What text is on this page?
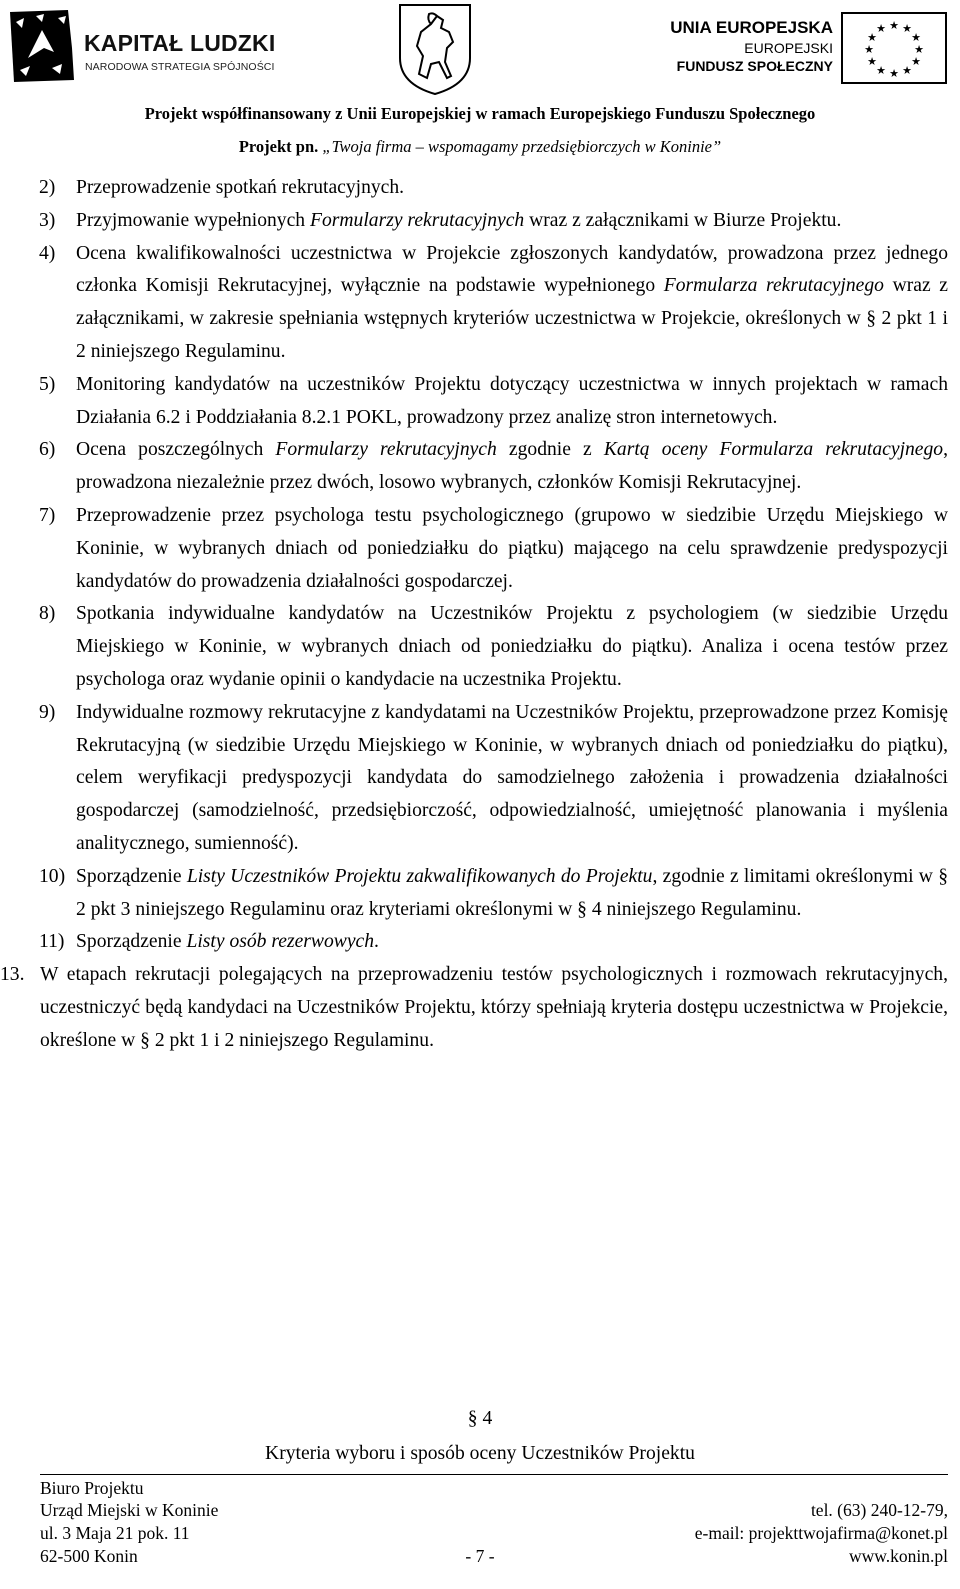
KAPITAŁ LUDZKI
NARODOWA STRATEGIA SPÓJNOŚCI
UNIA EUROPEJSKA
EUROPEJSKI
FUNDUSZ SPOŁECZNY
★ ★
★
★
★
★
★
★
★
★
★
★
Projekt współfinansowany z Unii Europejskiej w ramach Europejskiego Funduszu Społecznego
Projekt pn. „Twoja firma – wspomagamy przedsiębiorczych w Koninie”
2) Przeprowadzenie spotkań rekrutacyjnych.
3) Przyjmowanie wypełnionych Formularzy rekrutacyjnych wraz z załącznikami w Biurze Projektu.
4) Ocena kwalifikowalności uczestnictwa w Projekcie zgłoszonych kandydatów, prowadzona przez jednego członka Komisji Rekrutacyjnej, wyłącznie na podstawie wypełnionego Formularza rekrutacyjnego wraz z załącznikami, w zakresie spełniania wstępnych kryteriów uczestnictwa w Projekcie, określonych w § 2 pkt 1 i 2 niniejszego Regulaminu.
5) Monitoring kandydatów na uczestników Projektu dotyczący uczestnictwa w innych projektach w ramach Działania 6.2 i Poddziałania 8.2.1 POKL, prowadzony przez analizę stron internetowych.
6) Ocena poszczególnych Formularzy rekrutacyjnych zgodnie z Kartą oceny Formularza rekrutacyjnego, prowadzona niezależnie przez dwóch, losowo wybranych, członków Komisji Rekrutacyjnej.
7) Przeprowadzenie przez psychologa testu psychologicznego (grupowo w siedzibie Urzędu Miejskiego w Koninie, w wybranych dniach od poniedziałku do piątku) mającego na celu sprawdzenie predyspozycji kandydatów do prowadzenia działalności gospodarczej.
8) Spotkania indywidualne kandydatów na Uczestników Projektu z psychologiem (w siedzibie Urzędu Miejskiego w Koninie, w wybranych dniach od poniedziałku do piątku). Analiza i ocena testów przez psychologa oraz wydanie opinii o kandydacie na uczestnika Projektu.
9) Indywidualne rozmowy rekrutacyjne z kandydatami na Uczestników Projektu, przeprowadzone przez Komisję Rekrutacyjną (w siedzibie Urzędu Miejskiego w Koninie, w wybranych dniach od poniedziałku do piątku), celem weryfikacji predyspozycji kandydata do samodzielnego założenia i prowadzenia działalności gospodarczej (samodzielność, przedsiębiorczość, odpowiedzialność, umiejętność planowania i myślenia analitycznego, sumienność).
10) Sporządzenie Listy Uczestników Projektu zakwalifikowanych do Projektu, zgodnie z limitami określonymi w § 2 pkt 3 niniejszego Regulaminu oraz kryteriami określonymi w § 4 niniejszego Regulaminu.
11) Sporządzenie Listy osób rezerwowych.
13. W etapach rekrutacji polegających na przeprowadzeniu testów psychologicznych i rozmowach rekrutacyjnych, uczestniczyć będą kandydaci na Uczestników Projektu, którzy spełniają kryteria dostępu uczestnictwa w Projekcie, określone w § 2 pkt 1 i 2 niniejszego Regulaminu.
§ 4
Kryteria wyboru i sposób oceny Uczestników Projektu
Biuro Projektu
Urząd Miejski w Koninie
ul. 3 Maja 21 pok. 11
62-500 Konin	- 7 -
tel. (63) 240-12-79,
e-mail: projekttwojafirma@konet.pl
www.konin.pl
